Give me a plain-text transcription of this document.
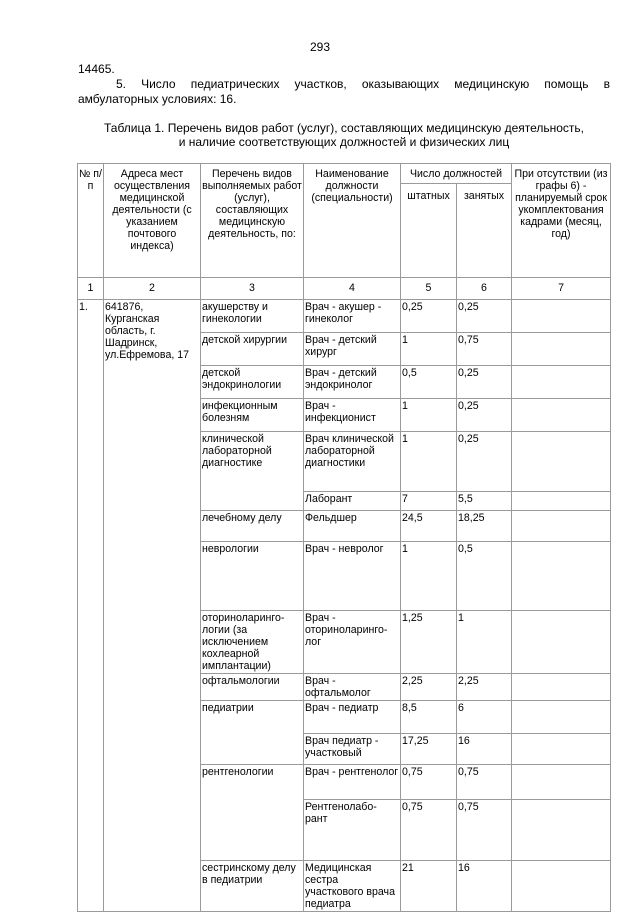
293
14465.
5. Число педиатрических участков, оказывающих медицинскую помощь в амбулаторных условиях: 16.
Таблица 1. Перечень видов работ (услуг), составляющих медицинскую деятельность,
и наличие соответствующих должностей и физических лиц
№ п/п	Адреса мест осуществления медицинской деятельности (с указанием почтового индекса)	Перечень видов выполняемых работ (услуг), составляющих медицинскую деятельность, по:	Наименование должности (специальности)	Число должностей		При отсутствии (из графы 6) - планируемый срок укомплектования кадрами (месяц, год)
				штатных	занятых	
1	2	3	4	5	6	7
1.	641876, Курганская область, г. Шадринск, ул.Ефремова, 17	акушерству и гинекологии	Врач - акушер - гинеколог	0,25	0,25	
		детской хирургии	Врач - детский хирург	1	0,75	
		детской эндокринологии	Врач - детский эндокринолог	0,5	0,25	
		инфекционным болезням	Врач - инфекционист	1	0,25	
		клинической лабораторной диагностике	Врач клинической лабораторной диагностики	1	0,25	
			Лаборант	7	5,5	
		лечебному делу	Фельдшер	24,5	18,25	
		неврологии	Врач - невролог	1	0,5	
		оториноларинго-логии (за исключением кохлеарной имплантации)	Врач - оториноларинго-лог	1,25	1	
		офтальмологии	Врач - офтальмолог	2,25	2,25	
		педиатрии	Врач - педиатр	8,5	6	
			Врач педиатр - участковый	17,25	16	
		рентгенологии	Врач - рентгенолог	0,75	0,75	
			Рентгенолабо-рант	0,75	0,75	
		сестринскому делу в педиатрии	Медицинская сестра участкового врача педиатра	21	16	
